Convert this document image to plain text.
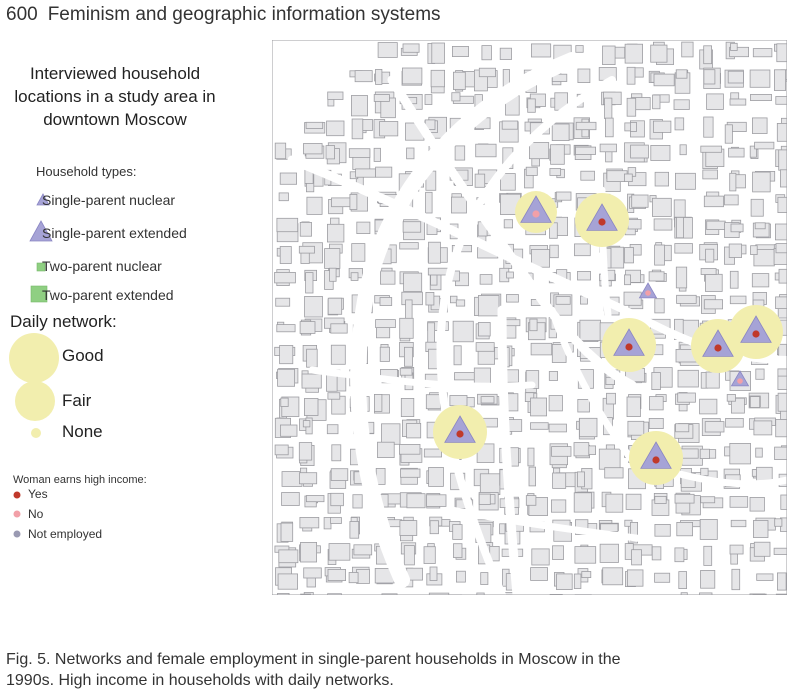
600 Feminism and geographic information systems
Interviewed household
locations in a study area in
downtown Moscow
Household types:
Single-parent nuclear
Single-parent extended
Two-parent nuclear
Two-parent extended
Daily network:
Good
Fair
None
Woman earns high income:
Yes
No
Not employed
Fig. 5. Networks and female employment in single-parent households in Moscow in the
1990s. High income in households with daily networks.
